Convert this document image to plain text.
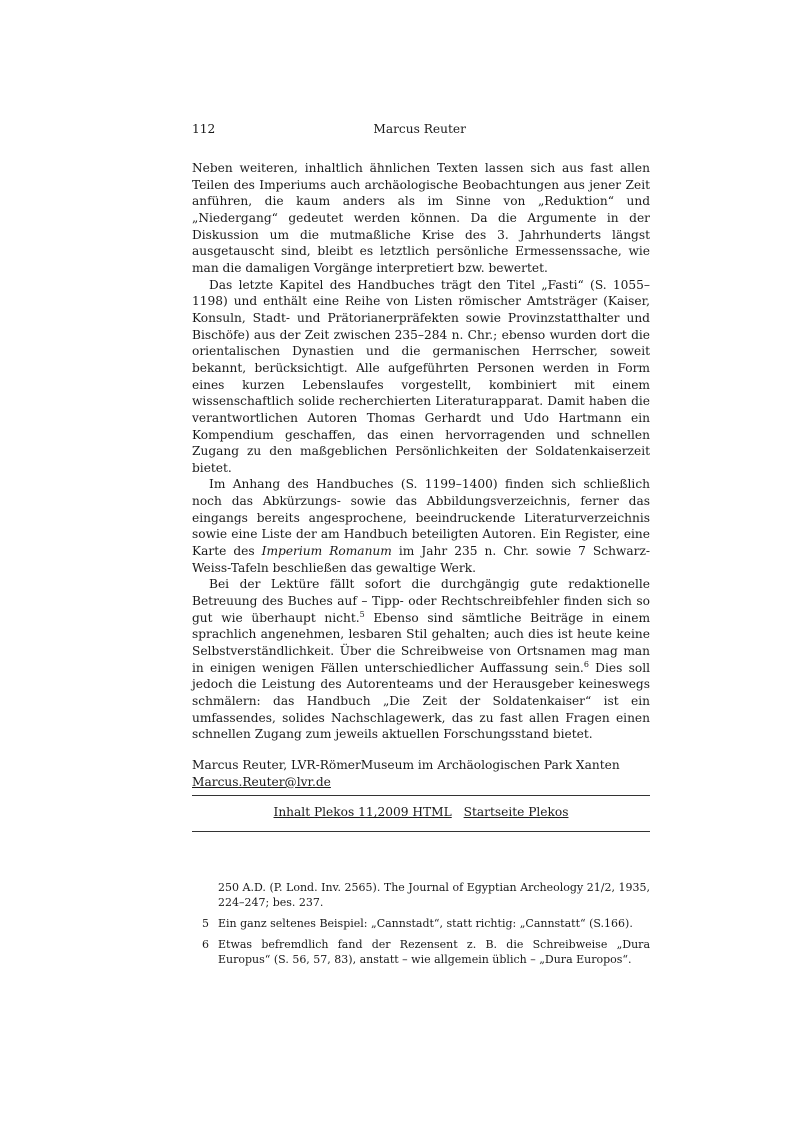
112	Marcus Reuter

Neben weiteren, inhaltlich ähnlichen Texten lassen sich aus fast allen Teilen des Imperiums auch archäologische Beobachtungen aus jener Zeit anführen, die kaum anders als im Sinne von „Reduktion“ und „Niedergang“ gedeutet werden können. Da die Argumente in der Diskussion um die mutmaßliche Krise des 3. Jahrhunderts längst ausgetauscht sind, bleibt es letztlich persönliche Ermessenssache, wie man die damaligen Vorgänge interpretiert bzw. bewertet.

Das letzte Kapitel des Handbuches trägt den Titel „Fasti“ (S. 1055–1198) und enthält eine Reihe von Listen römischer Amtsträger (Kaiser, Konsuln, Stadt- und Prätorianerpräfekten sowie Provinzstatthalter und Bischöfe) aus der Zeit zwischen 235–284 n. Chr.; ebenso wurden dort die orientalischen Dynastien und die germanischen Herrscher, soweit bekannt, berücksichtigt. Alle aufgeführten Personen werden in Form eines kurzen Lebenslaufes vorgestellt, kombiniert mit einem wissenschaftlich solide recherchierten Literaturapparat. Damit haben die verantwortlichen Autoren Thomas Gerhardt und Udo Hartmann ein Kompendium geschaffen, das einen hervorragenden und schnellen Zugang zu den maßgeblichen Persönlichkeiten der Soldatenkaiserzeit bietet.

Im Anhang des Handbuches (S. 1199–1400) finden sich schließlich noch das Abkürzungs- sowie das Abbildungsverzeichnis, ferner das eingangs bereits angesprochene, beeindruckende Literaturverzeichnis sowie eine Liste der am Handbuch beteiligten Autoren. Ein Register, eine Karte des Imperium Romanum im Jahr 235 n. Chr. sowie 7 Schwarz-Weiss-Tafeln beschließen das gewaltige Werk.

Bei der Lektüre fällt sofort die durchgängig gute redaktionelle Betreuung des Buches auf – Tipp- oder Rechtschreibfehler finden sich so gut wie überhaupt nicht.$^5$ Ebenso sind sämtliche Beiträge in einem sprachlich angenehmen, lesbaren Stil gehalten; auch dies ist heute keine Selbstverständlichkeit. Über die Schreibweise von Ortsnamen mag man in einigen wenigen Fällen unterschiedlicher Auffassung sein.$^6$ Dies soll jedoch die Leistung des Autorenteams und der Herausgeber keineswegs schmälern: das Handbuch „Die Zeit der Soldatenkaiser“ ist ein umfassendes, solides Nachschlagewerk, das zu fast allen Fragen einen schnellen Zugang zum jeweils aktuellen Forschungsstand bietet.

Marcus Reuter, LVR-RömerMuseum im Archäologischen Park Xanten
Marcus.Reuter@lvr.de
Inhalt Plekos 11,2009 HTML Startseite Plekos
250 A.D. (P. Lond. Inv. 2565). The Journal of Egyptian Archeology 21/2, 1935, 224–247; bes. 237.
5 Ein ganz seltenes Beispiel: „Cannstadt“, statt richtig: „Cannstatt“ (S.166).
6 Etwas befremdlich fand der Rezensent z. B. die Schreibweise „Dura Europus“ (S. 56, 57, 83), anstatt – wie allgemein üblich – „Dura Europos“.
